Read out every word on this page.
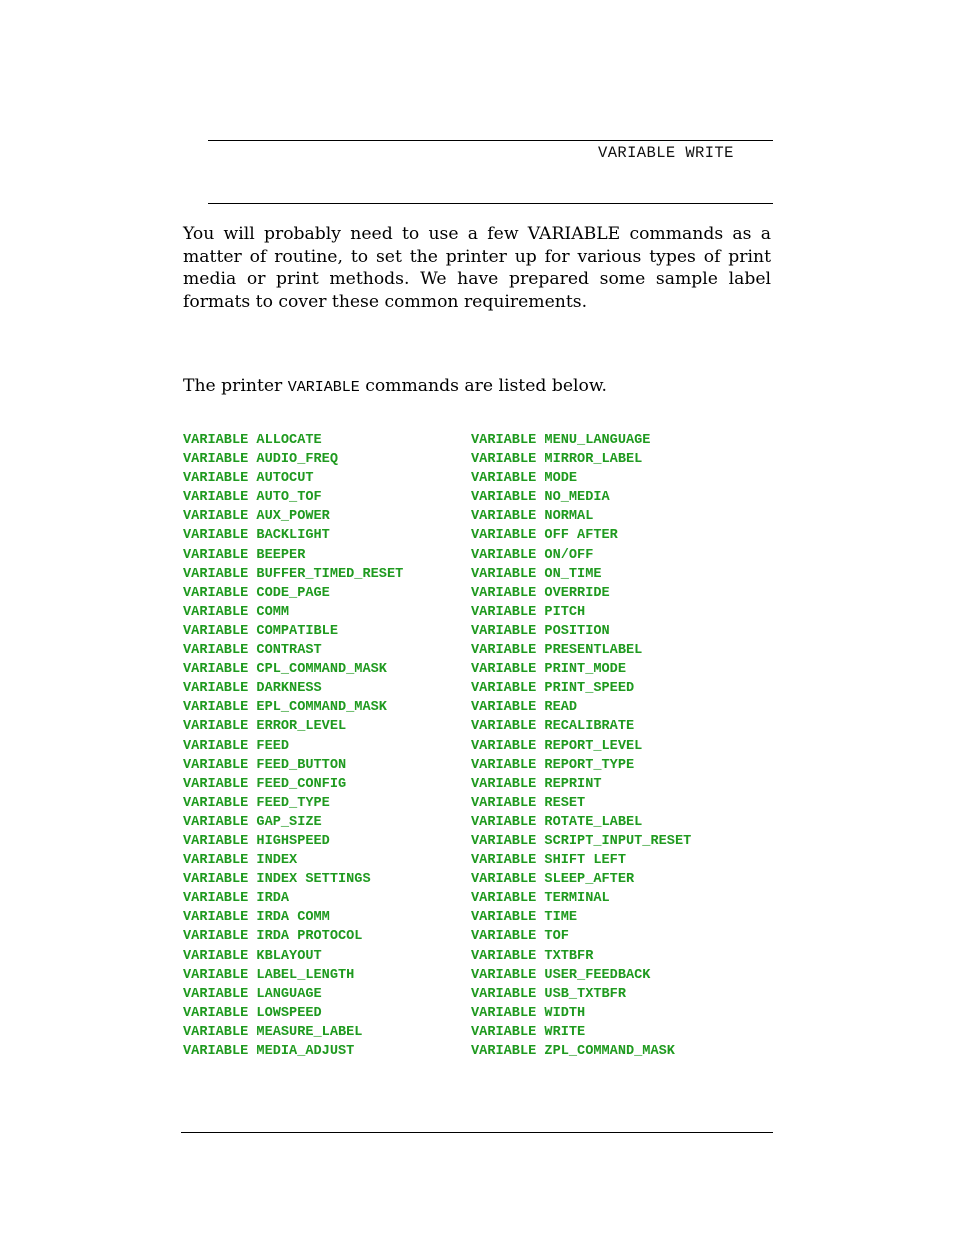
VARIABLE WRITE

You will probably need to use a few VARIABLE commands as a matter of routine, to set the printer up for various types of print media or print methods. We have prepared some sample label formats to cover these common requirements.

The printer VARIABLE commands are listed below.

VARIABLE ALLOCATE
VARIABLE AUDIO_FREQ
VARIABLE AUTOCUT
VARIABLE AUTO_TOF
VARIABLE AUX_POWER
VARIABLE BACKLIGHT
VARIABLE BEEPER
VARIABLE BUFFER_TIMED_RESET
VARIABLE CODE_PAGE
VARIABLE COMM
VARIABLE COMPATIBLE
VARIABLE CONTRAST
VARIABLE CPL_COMMAND_MASK
VARIABLE DARKNESS
VARIABLE EPL_COMMAND_MASK
VARIABLE ERROR_LEVEL
VARIABLE FEED
VARIABLE FEED_BUTTON
VARIABLE FEED_CONFIG
VARIABLE FEED_TYPE
VARIABLE GAP_SIZE
VARIABLE HIGHSPEED
VARIABLE INDEX
VARIABLE INDEX SETTINGS
VARIABLE IRDA
VARIABLE IRDA COMM
VARIABLE IRDA PROTOCOL
VARIABLE KBLAYOUT
VARIABLE LABEL_LENGTH
VARIABLE LANGUAGE
VARIABLE LOWSPEED
VARIABLE MEASURE_LABEL
VARIABLE MEDIA_ADJUST
VARIABLE MENU_LANGUAGE
VARIABLE MIRROR_LABEL
VARIABLE MODE
VARIABLE NO_MEDIA
VARIABLE NORMAL
VARIABLE OFF AFTER
VARIABLE ON/OFF
VARIABLE ON_TIME
VARIABLE OVERRIDE
VARIABLE PITCH
VARIABLE POSITION
VARIABLE PRESENTLABEL
VARIABLE PRINT_MODE
VARIABLE PRINT_SPEED
VARIABLE READ
VARIABLE RECALIBRATE
VARIABLE REPORT_LEVEL
VARIABLE REPORT_TYPE
VARIABLE REPRINT
VARIABLE RESET
VARIABLE ROTATE_LABEL
VARIABLE SCRIPT_INPUT_RESET
VARIABLE SHIFT LEFT
VARIABLE SLEEP_AFTER
VARIABLE TERMINAL
VARIABLE TIME
VARIABLE TOF
VARIABLE TXTBFR
VARIABLE USER_FEEDBACK
VARIABLE USB_TXTBFR
VARIABLE WIDTH
VARIABLE WRITE
VARIABLE ZPL_COMMAND_MASK
